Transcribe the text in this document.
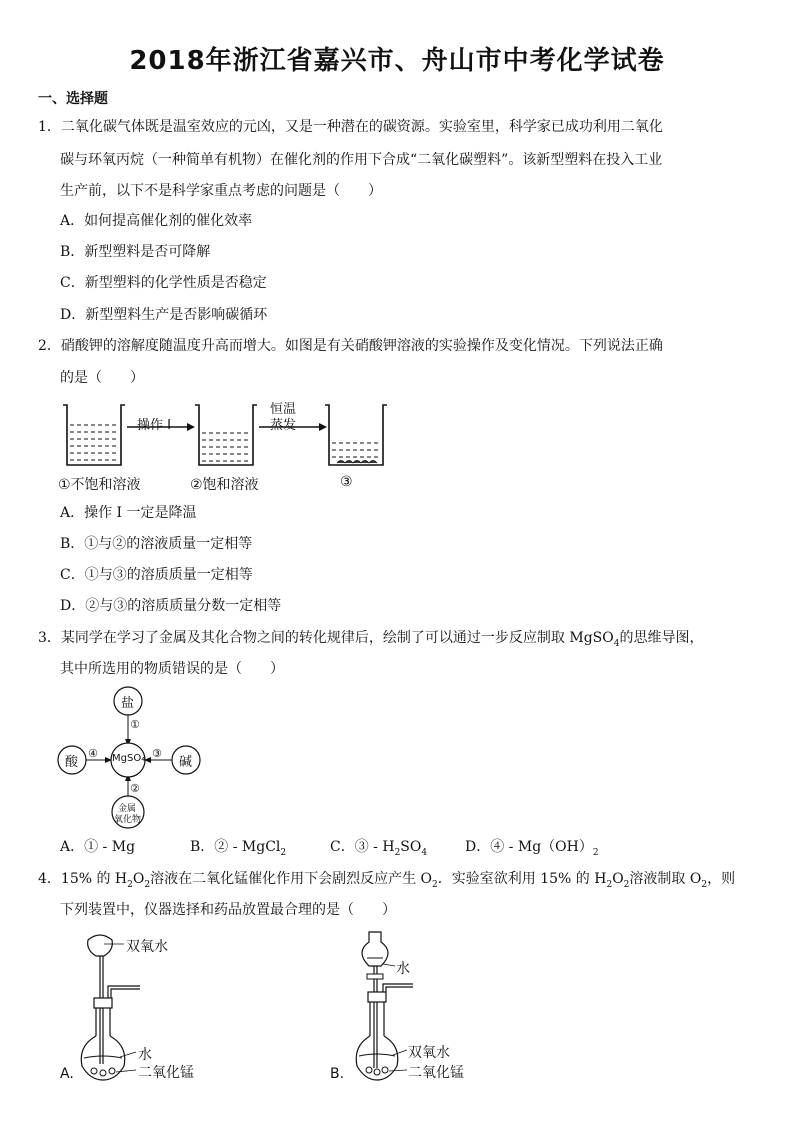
2018年浙江省嘉兴市、舟山市中考化学试卷
一、选择题
1．二氧化碳气体既是温室效应的元凶，又是一种潜在的碳资源。实验室里，科学家已成功利用二氧化
碳与环氧丙烷（一种简单有机物）在催化剂的作用下合成“二氧化碳塑料”。该新型塑料在投入工业
生产前，以下不是科学家重点考虑的问题是（　　）
A．如何提高催化剂的催化效率
B．新型塑料是否可降解
C．新型塑料的化学性质是否稳定
D．新型塑料生产是否影响碳循环
2．硝酸钾的溶解度随温度升高而增大。如图是有关硝酸钾溶液的实验操作及变化情况。下列说法正确
的是（　　）
操作 I
恒温
蒸发
①不饱和溶液	②饱和溶液	③
A．操作 I 一定是降温
B．①与②的溶液质量一定相等
C．①与③的溶质质量一定相等
D．②与③的溶质质量分数一定相等
3．某同学在学习了金属及其化合物之间的转化规律后，绘制了可以通过一步反应制取 MgSO$_4$的思维导图，
其中所选用的物质错误的是（　　）
盐
酸	碱
MgSO₄
金属
氧化物
①
②
③
④
A．① - Mg	B．② - MgCl$_2$	C．③ - $H_2SO_4$	D．④ - $Mg(OH)_2$
4．15% 的 $H_2O_2$溶液在二氧化锰催化作用下会剧烈反应产生 $O_2$．实验室欲利用 15% 的 $H_2O_2$溶液制取 $O_2$，则
下列装置中，仪器选择和药品放置最合理的是（　　）
双氧水
水
二氧化锰
A.
水
双氧水
二氧化锰
B.
